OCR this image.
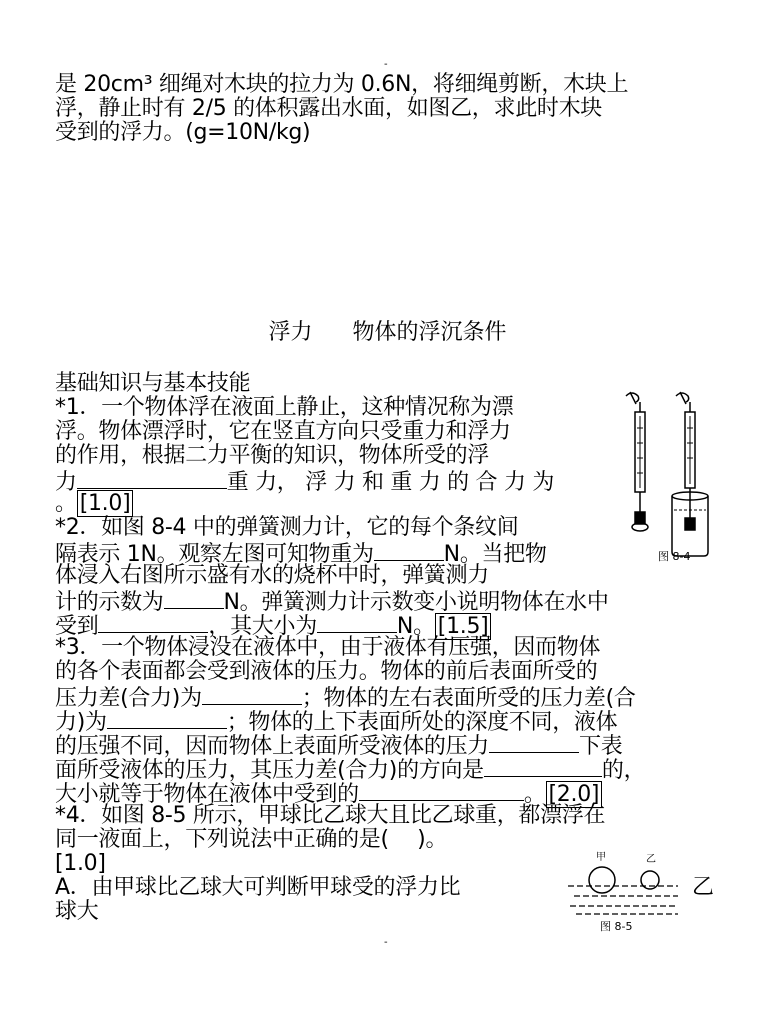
-
是 20cm³ 细绳对木块的拉力为 0.6N，将细绳剪断，木块上
浮，静止时有 2/5 的体积露出水面，如图乙，求此时木块
受到的浮力。(g=10N/kg)
浮力 物体的浮沉条件
基础知识与基本技能
*1．一个物体浮在液面上静止，这种情况称为漂
浮。物体漂浮时，它在竖直方向只受重力和浮力
的作用，根据二力平衡的知识，物体所受的浮
力	重 力， 浮 力 和 重 力 的 合 力 为
。 [1.0]
*2．如图 8-4 中的弹簧测力计，它的每个条纹间
隔表示 1N。观察左图可知物重为	N。当把物
体浸入右图所示盛有水的烧杯中时，弹簧测力
计的示数为	N。弹簧测力计示数变小说明物体在水中
受到	，其大小为	N。 [1.5]
*3．一个物体浸没在液体中，由于液体有压强，因而物体
的各个表面都会受到液体的压力。物体的前后表面所受的
压力差(合力)为	；物体的左右表面所受的压力差(合
力)为	；物体的上下表面所处的深度不同，液体
的压强不同，因而物体上表面所受液体的压力	下表
面所受液体的压力，其压力差(合力)的方向是	的，
大小就等于物体在液体中受到的	。 [2.0]
*4．如图 8-5 所示，甲球比乙球大且比乙球重，都漂浮在
同一液面上，下列说法中正确的是(　 )。
[1.0]
A．由甲球比乙球大可判断甲球受的浮力比	乙
球大
图 8-4
甲	乙
图 8-5
-
